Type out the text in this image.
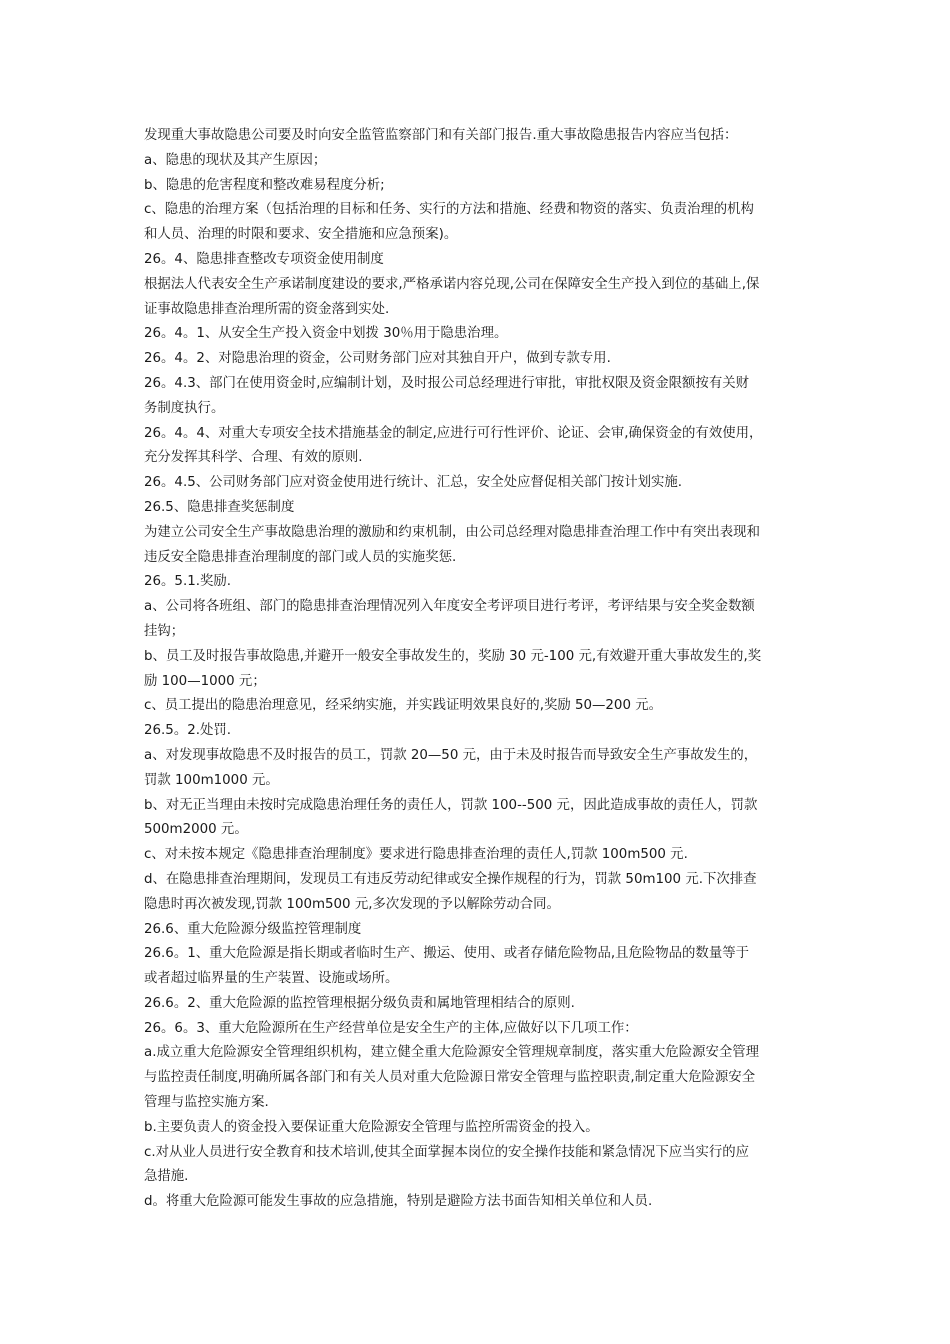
发现重大事故隐患公司要及时向安全监管监察部门和有关部门报告.重大事故隐患报告内容应当包括：
a、隐患的现状及其产生原因；
b、隐患的危害程度和整改难易程度分析;
c、隐患的治理方案（包括治理的目标和任务、实行的方法和措施、经费和物资的落实、负责治理的机构
和人员、治理的时限和要求、安全措施和应急预案)。
26。4、隐患排查整改专项资金使用制度
根据法人代表安全生产承诺制度建设的要求,严格承诺内容兑现,公司在保障安全生产投入到位的基础上,保
证事故隐患排查治理所需的资金落到实处.
26。4。1、从安全生产投入资金中划拨 30％用于隐患治理。
26。4。2、对隐患治理的资金，公司财务部门应对其独自开户，做到专款专用.
26。4.3、部门在使用资金时,应编制计划，及时报公司总经理进行审批，审批权限及资金限额按有关财
务制度执行。
26。4。4、对重大专项安全技术措施基金的制定,应进行可行性评价、论证、会审,确保资金的有效使用，
充分发挥其科学、合理、有效的原则.
26。4.5、公司财务部门应对资金使用进行统计、汇总，安全处应督促相关部门按计划实施.
26.5、隐患排查奖惩制度
为建立公司安全生产事故隐患治理的激励和约束机制，由公司总经理对隐患排查治理工作中有突出表现和
违反安全隐患排查治理制度的部门或人员的实施奖惩.
26。5.1.奖励.
a、公司将各班组、部门的隐患排查治理情况列入年度安全考评项目进行考评，考评结果与安全奖金数额
挂钩；
b、员工及时报告事故隐患,并避开一般安全事故发生的，奖励 30 元-100 元,有效避开重大事故发生的,奖
励 100—1000 元；
c、员工提出的隐患治理意见，经采纳实施，并实践证明效果良好的,奖励 50—200 元。
26.5。2.处罚.
a、对发现事故隐患不及时报告的员工，罚款 20—50 元，由于未及时报告而导致安全生产事故发生的，
罚款 100m1000 元。
b、对无正当理由未按时完成隐患治理任务的责任人，罚款 100--500 元，因此造成事故的责任人，罚款
500m2000 元。
c、对未按本规定《隐患排查治理制度》要求进行隐患排查治理的责任人,罚款 100m500 元.
d、在隐患排查治理期间，发现员工有违反劳动纪律或安全操作规程的行为，罚款 50m100 元.下次排查
隐患时再次被发现,罚款 100m500 元,多次发现的予以解除劳动合同。
26.6、重大危险源分级监控管理制度
26.6。1、重大危险源是指长期或者临时生产、搬运、使用、或者存储危险物品,且危险物品的数量等于
或者超过临界量的生产装置、设施或场所。
26.6。2、重大危险源的监控管理根据分级负责和属地管理相结合的原则.
26。6。3、重大危险源所在生产经营单位是安全生产的主体,应做好以下几项工作：
a.成立重大危险源安全管理组织机构，建立健全重大危险源安全管理规章制度，落实重大危险源安全管理
与监控责任制度,明确所属各部门和有关人员对重大危险源日常安全管理与监控职责,制定重大危险源安全
管理与监控实施方案.
b.主要负责人的资金投入要保证重大危险源安全管理与监控所需资金的投入。
c.对从业人员进行安全教育和技术培训,使其全面掌握本岗位的安全操作技能和紧急情况下应当实行的应
急措施.
d。将重大危险源可能发生事故的应急措施，特别是避险方法书面告知相关单位和人员.
